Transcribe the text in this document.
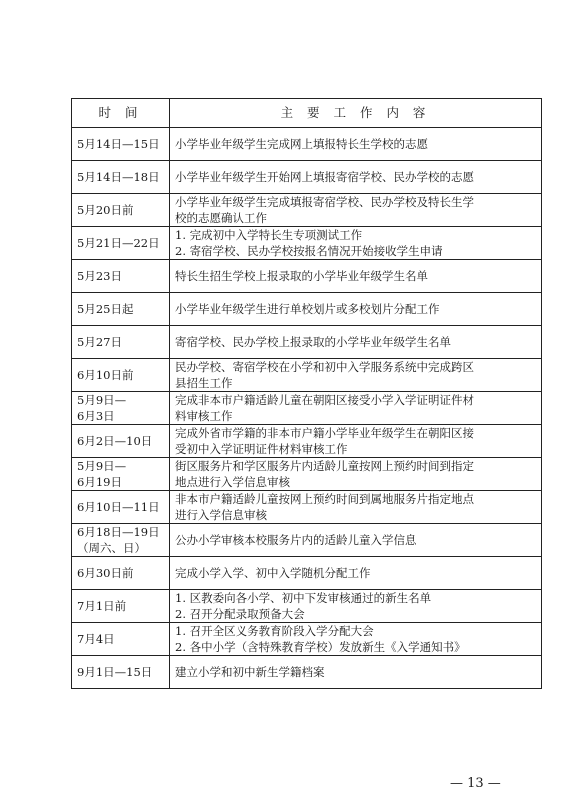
时 间	主 要 工 作 内 容

5月14日—15日	小学毕业年级学生完成网上填报特长生学校的志愿

5月14日—18日	小学毕业年级学生开始网上填报寄宿学校、民办学校的志愿

5月20日前	小学毕业年级学生完成填报寄宿学校、民办学校及特长生学
校的志愿确认工作

5月21日—22日	1. 完成初中入学特长生专项测试工作
2. 寄宿学校、民办学校按报名情况开始接收学生申请

5月23日	特长生招生学校上报录取的小学毕业年级学生名单

5月25日起	小学毕业年级学生进行单校划片或多校划片分配工作

5月27日	寄宿学校、民办学校上报录取的小学毕业年级学生名单

6月10日前	民办学校、寄宿学校在小学和初中入学服务系统中完成跨区
县招生工作

5月9日—
6月3日	完成非本市户籍适龄儿童在朝阳区接受小学入学证明证件材
料审核工作

6月2日—10日	完成外省市学籍的非本市户籍小学毕业年级学生在朝阳区接
受初中入学证明证件材料审核工作

5月9日—
6月19日	街区服务片和学区服务片内适龄儿童按网上预约时间到指定
地点进行入学信息审核

6月10日—11日	非本市户籍适龄儿童按网上预约时间到属地服务片指定地点
进行入学信息审核

6月18日—19日
（周六、日）	公办小学审核本校服务片内的适龄儿童入学信息

6月30日前	完成小学入学、初中入学随机分配工作

7月1日前	1. 区教委向各小学、初中下发审核通过的新生名单
2. 召开分配录取预备大会

7月4日	1. 召开全区义务教育阶段入学分配大会
2. 各中小学（含特殊教育学校）发放新生《入学通知书》

9月1日—15日	建立小学和初中新生学籍档案
— 13 —
